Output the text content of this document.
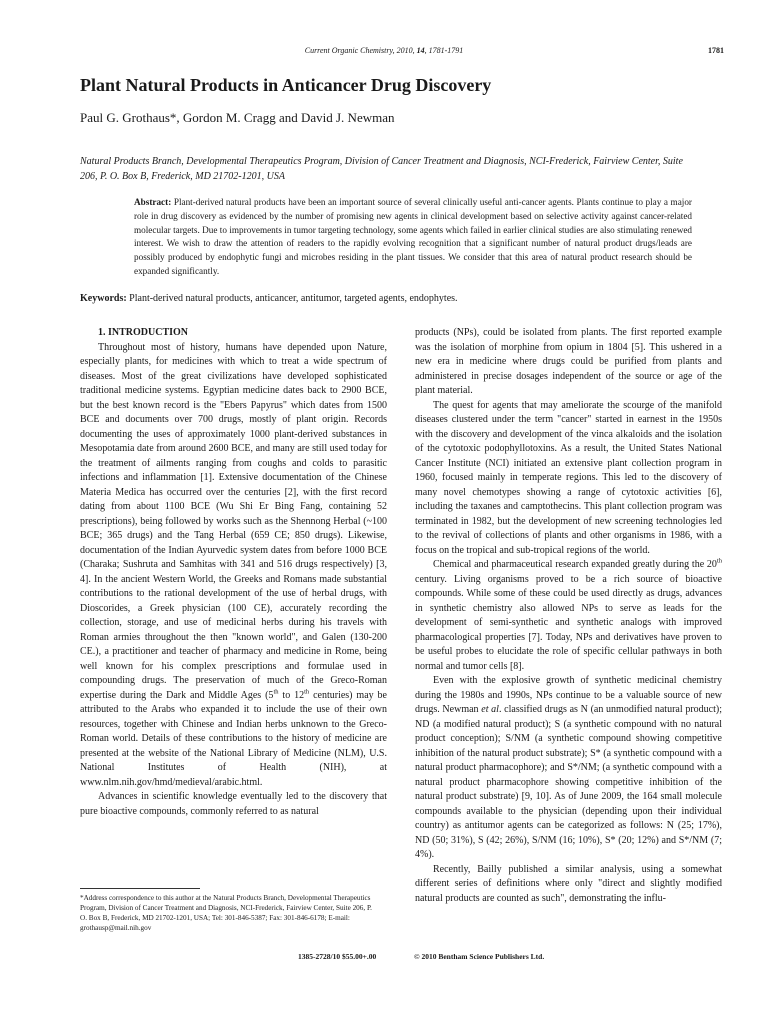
Current Organic Chemistry, 2010, 14, 1781-1791	1781
Plant Natural Products in Anticancer Drug Discovery
Paul G. Grothaus*, Gordon M. Cragg and David J. Newman
Natural Products Branch, Developmental Therapeutics Program, Division of Cancer Treatment and Diagnosis, NCI-Frederick, Fairview Center, Suite 206, P. O. Box B, Frederick, MD 21702-1201, USA
Abstract: Plant-derived natural products have been an important source of several clinically useful anti-cancer agents. Plants continue to play a major role in drug discovery as evidenced by the number of promising new agents in clinical development based on selective activity against cancer-related molecular targets. Due to improvements in tumor targeting technology, some agents which failed in earlier clinical studies are also stimulating renewed interest. We wish to draw the attention of readers to the rapidly evolving recognition that a significant number of natural product drugs/leads are possibly produced by endophytic fungi and microbes residing in the plant tissues. We consider that this area of natural product research should be expanded significantly.
Keywords: Plant-derived natural products, anticancer, antitumor, targeted agents, endophytes.

1. INTRODUCTION

Throughout most of history, humans have depended upon Nature, especially plants, for medicines with which to treat a wide spectrum of diseases. Most of the great civilizations have developed sophisticated traditional medicine systems. Egyptian medicine dates back to 2900 BCE, but the best known record is the "Ebers Papyrus" which dates from 1500 BCE and documents over 700 drugs, mostly of plant origin. Records documenting the uses of approximately 1000 plant-derived substances in Mesopotamia date from around 2600 BCE, and many are still used today for the treatment of ailments ranging from coughs and colds to parasitic infections and inflammation [1]. Extensive documentation of the Chinese Materia Medica has occurred over the centuries [2], with the first record dating from about 1100 BCE (Wu Shi Er Bing Fang, containing 52 prescriptions), being followed by works such as the Shennong Herbal (~100 BCE; 365 drugs) and the Tang Herbal (659 CE; 850 drugs). Likewise, documentation of the Indian Ayurvedic system dates from before 1000 BCE (Charaka; Sushruta and Samhitas with 341 and 516 drugs respectively) [3, 4]. In the ancient Western World, the Greeks and Romans made substantial contributions to the rational development of the use of herbal drugs, with Dioscorides, a Greek physician (100 CE), accurately recording the collection, storage, and use of medicinal herbs during his travels with Roman armies throughout the then "known world", and Galen (130-200 CE.), a practitioner and teacher of pharmacy and medicine in Rome, being well known for his complex prescriptions and formulae used in compounding drugs. The preservation of much of the Greco-Roman expertise during the Dark and Middle Ages (5th to 12th centuries) may be attributed to the Arabs who expanded it to include the use of their own resources, together with Chinese and Indian herbs unknown to the Greco-Roman world. Details of these contributions to the history of medicine are presented at the website of the National Library of Medicine (NLM), U.S. National Institutes of Health (NIH), at www.nlm.nih.gov/hmd/medieval/arabic.html.

Advances in scientific knowledge eventually led to the discovery that pure bioactive compounds, commonly referred to as natural

products (NPs), could be isolated from plants. The first reported example was the isolation of morphine from opium in 1804 [5]. This ushered in a new era in medicine where drugs could be purified from plants and administered in precise dosages independent of the source or age of the plant material.

The quest for agents that may ameliorate the scourge of the manifold diseases clustered under the term "cancer" started in earnest in the 1950s with the discovery and development of the vinca alkaloids and the isolation of the cytotoxic podophyllotoxins. As a result, the United States National Cancer Institute (NCI) initiated an extensive plant collection program in 1960, focused mainly in temperate regions. This led to the discovery of many novel chemotypes showing a range of cytotoxic activities [6], including the taxanes and camptothecins. This plant collection program was terminated in 1982, but the development of new screening technologies led to the revival of collections of plants and other organisms in 1986, with a focus on the tropical and sub-tropical regions of the world.

Chemical and pharmaceutical research expanded greatly during the 20th century. Living organisms proved to be a rich source of bioactive compounds. While some of these could be used directly as drugs, advances in synthetic chemistry also allowed NPs to serve as leads for the development of semi-synthetic and synthetic analogs with improved pharmacological properties [7]. Today, NPs and derivatives have proven to be useful probes to elucidate the role of specific cellular pathways in both normal and tumor cells [8].

Even with the explosive growth of synthetic medicinal chemistry during the 1980s and 1990s, NPs continue to be a valuable source of new drugs. Newman et al. classified drugs as N (an unmodified natural product); ND (a modified natural product); S (a synthetic compound with no natural product conception); S/NM (a synthetic compound showing competitive inhibition of the natural product substrate); S* (a synthetic compound with a natural product pharmacophore); and S*/NM; (a synthetic compound with a natural product pharmacophore showing competitive inhibition of the natural product substrate) [9, 10]. As of June 2009, the 164 small molecule compounds available to the physician (depending upon their individual country) as antitumor agents can be categorized as follows: N (25; 17%), ND (50; 31%), S (42; 26%), S/NM (16; 10%), S* (20; 12%) and S*/NM (7; 4%).

Recently, Bailly published a similar analysis, using a somewhat different series of definitions where only "direct and slightly modified natural products are counted as such", demonstrating the influ-

*Address correspondence to this author at the Natural Products Branch, Developmental Therapeutics Program, Division of Cancer Treatment and Diagnosis, NCI-Frederick, Fairview Center, Suite 206, P. O. Box B, Frederick, MD 21702-1201, USA; Tel: 301-846-5387; Fax: 301-846-6178; E-mail: grothausp@mail.nih.gov
1385-2728/10 $55.00+.00	© 2010 Bentham Science Publishers Ltd.
